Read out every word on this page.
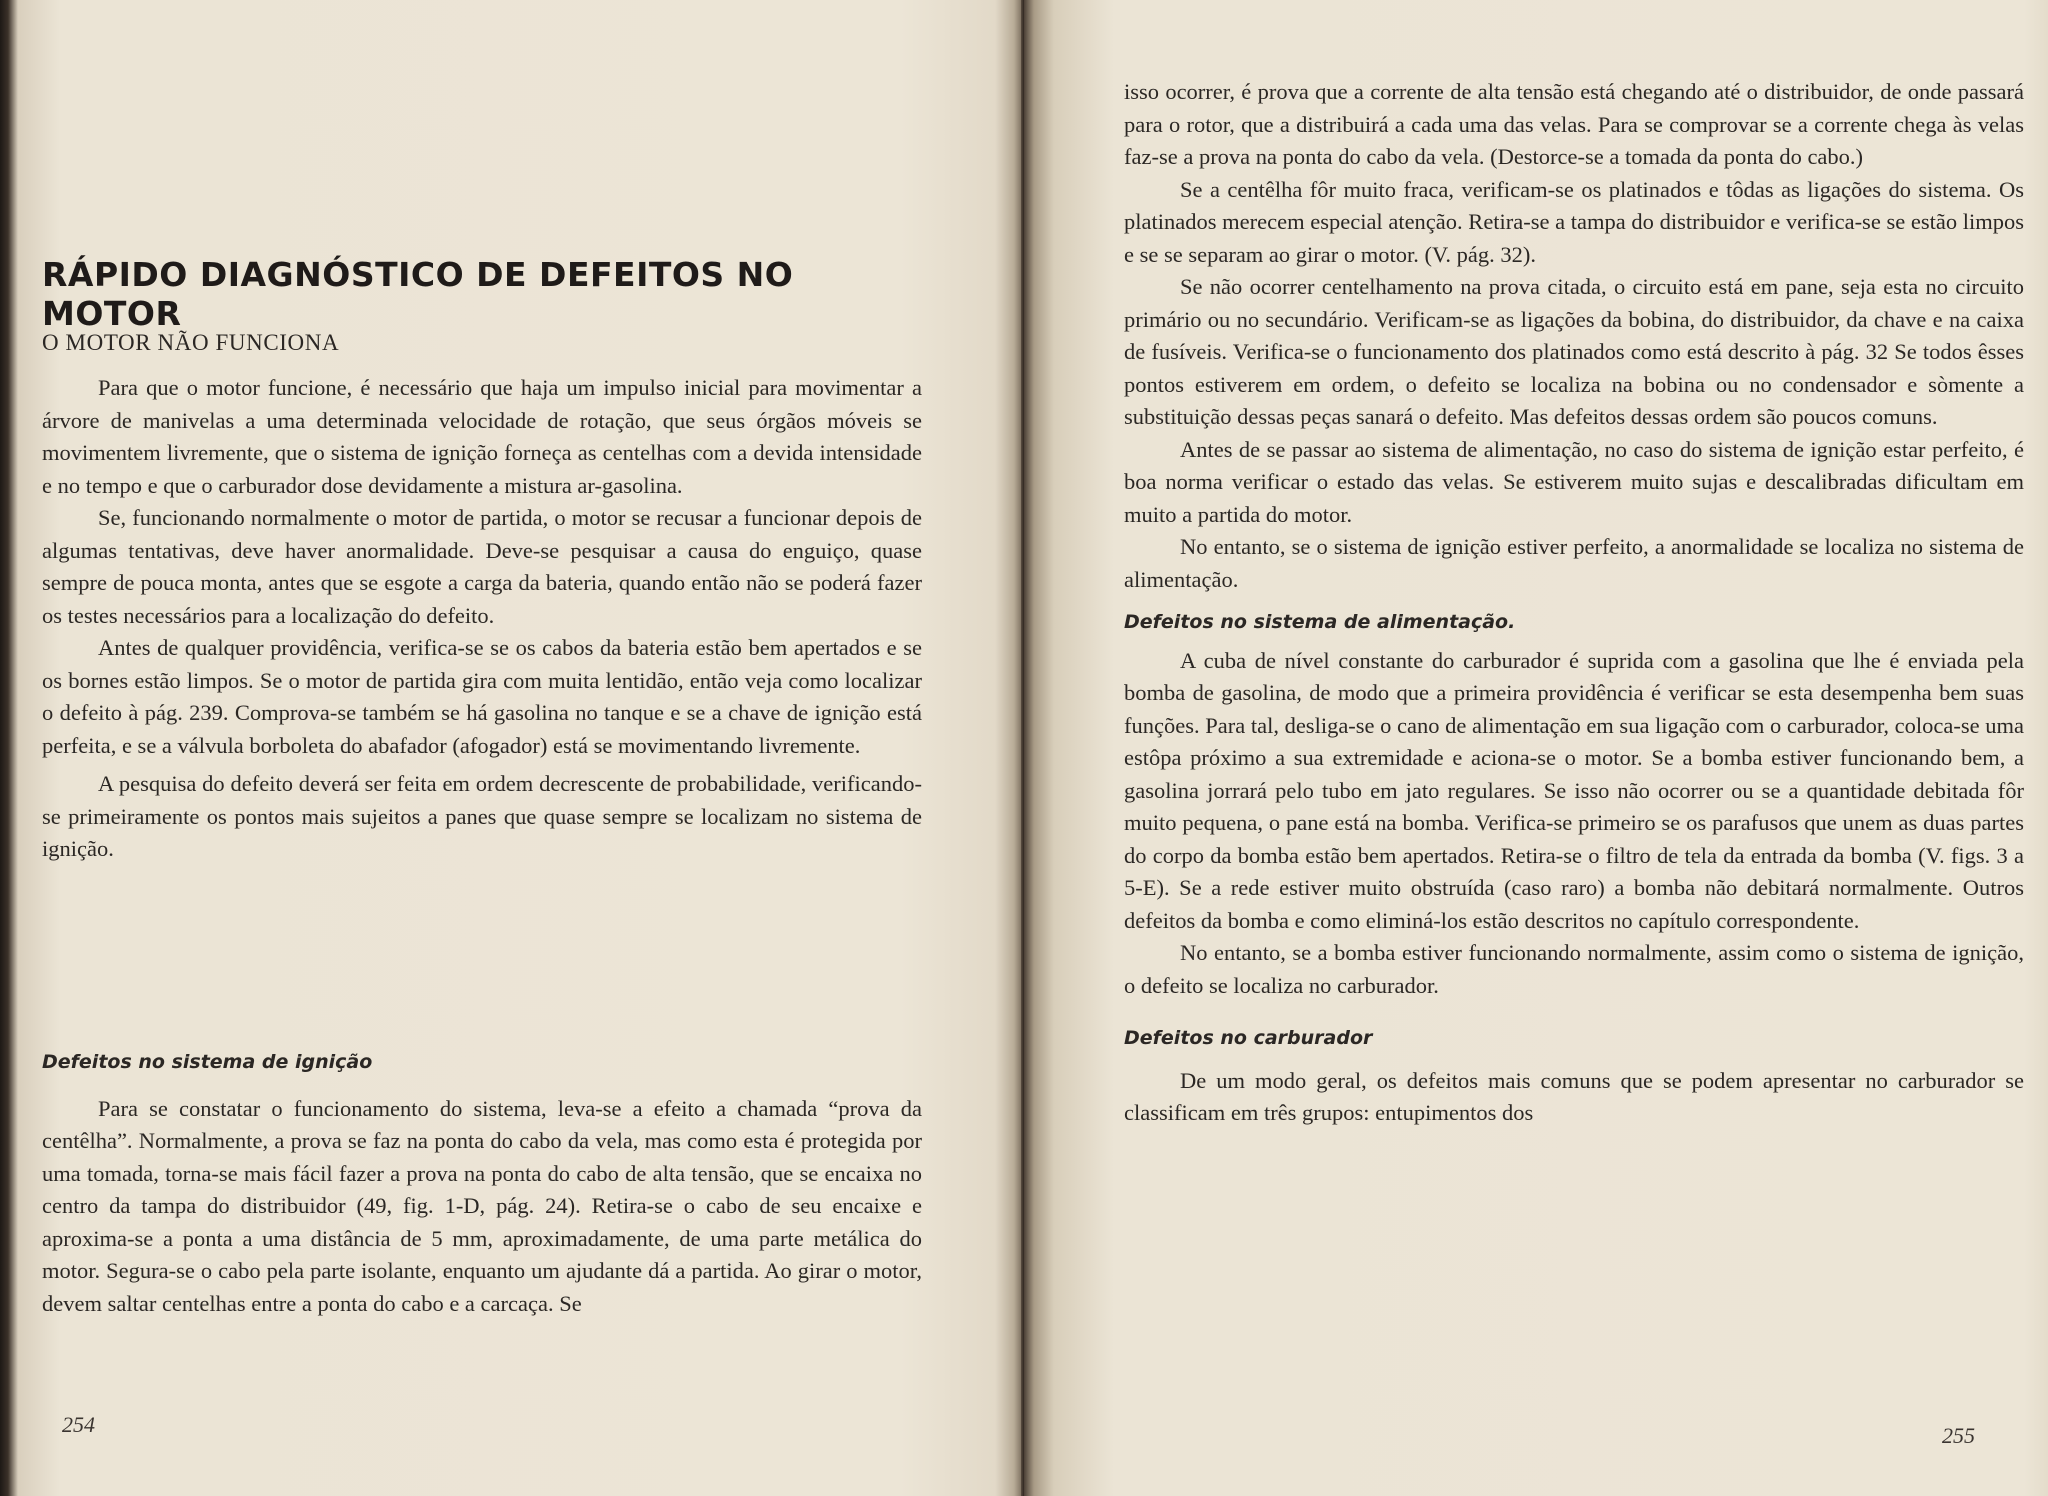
RÁPIDO DIAGNÓSTICO DE DEFEITOS NO MOTOR
O MOTOR NÃO FUNCIONA

Para que o motor funcione, é necessário que haja um impulso inicial para movimentar a árvore de manivelas a uma determinada velocidade de rotação, que seus órgãos móveis se movimentem livremente, que o sistema de ignição forneça as centelhas com a devida intensidade e no tempo e que o carburador dose devidamente a mistura ar-gasolina.

Se, funcionando normalmente o motor de partida, o motor se recusar a funcionar depois de algumas tentativas, deve haver anormalidade. Deve-se pesquisar a causa do enguiço, quase sempre de pouca monta, antes que se esgote a carga da bateria, quando então não se poderá fazer os testes necessários para a localização do defeito.

Antes de qualquer providência, verifica-se se os cabos da bateria estão bem apertados e se os bornes estão limpos. Se o motor de partida gira com muita lentidão, então veja como localizar o defeito à pág. 239. Comprova-se também se há gasolina no tanque e se a chave de ignição está perfeita, e se a válvula borboleta do abafador (afogador) está se movimentando livremente.

A pesquisa do defeito deverá ser feita em ordem decrescente de probabilidade, verificando-se primeiramente os pontos mais sujeitos a panes que quase sempre se localizam no sistema de ignição.

Defeitos no sistema de ignição

Para se constatar o funcionamento do sistema, leva-se a efeito a chamada “prova da centêlha”. Normalmente, a prova se faz na ponta do cabo da vela, mas como esta é protegida por uma tomada, torna-se mais fácil fazer a prova na ponta do cabo de alta tensão, que se encaixa no centro da tampa do distribuidor (49, fig. 1-D, pág. 24). Retira-se o cabo de seu encaixe e aproxima-se a ponta a uma distância de 5 mm, aproximadamente, de uma parte metálica do motor. Segura-se o cabo pela parte isolante, enquanto um ajudante dá a partida. Ao girar o motor, devem saltar centelhas entre a ponta do cabo e a carcaça. Se

254

isso ocorrer, é prova que a corrente de alta tensão está chegando até o distribuidor, de onde passará para o rotor, que a distribuirá a cada uma das velas. Para se comprovar se a corrente chega às velas faz-se a prova na ponta do cabo da vela. (Destorce-se a tomada da ponta do cabo.)

Se a centêlha fôr muito fraca, verificam-se os platinados e tôdas as ligações do sistema. Os platinados merecem especial atenção. Retira-se a tampa do distribuidor e verifica-se se estão limpos e se se separam ao girar o motor. (V. pág. 32).

Se não ocorrer centelhamento na prova citada, o circuito está em pane, seja esta no circuito primário ou no secundário. Verificam-se as ligações da bobina, do distribuidor, da chave e na caixa de fusíveis. Verifica-se o funcionamento dos platinados como está descrito à pág. 32 Se todos êsses pontos estiverem em ordem, o defeito se localiza na bobina ou no condensador e sòmente a substituição dessas peças sanará o defeito. Mas defeitos dessas ordem são poucos comuns.

Antes de se passar ao sistema de alimentação, no caso do sistema de ignição estar perfeito, é boa norma verificar o estado das velas. Se estiverem muito sujas e descalibradas dificultam em muito a partida do motor.

No entanto, se o sistema de ignição estiver perfeito, a anormalidade se localiza no sistema de alimentação.

Defeitos no sistema de alimentação.

A cuba de nível constante do carburador é suprida com a gasolina que lhe é enviada pela bomba de gasolina, de modo que a primeira providência é verificar se esta desempenha bem suas funções. Para tal, desliga-se o cano de alimentação em sua ligação com o carburador, coloca-se uma estôpa próximo a sua extremidade e aciona-se o motor. Se a bomba estiver funcionando bem, a gasolina jorrará pelo tubo em jato regulares. Se isso não ocorrer ou se a quantidade debitada fôr muito pequena, o pane está na bomba. Verifica-se primeiro se os parafusos que unem as duas partes do corpo da bomba estão bem apertados. Retira-se o filtro de tela da entrada da bomba (V. figs. 3 a 5-E). Se a rede estiver muito obstruída (caso raro) a bomba não debitará normalmente. Outros defeitos da bomba e como eliminá-los estão descritos no capítulo correspondente.

No entanto, se a bomba estiver funcionando normalmente, assim como o sistema de ignição, o defeito se localiza no carburador.

Defeitos no carburador

De um modo geral, os defeitos mais comuns que se podem apresentar no carburador se classificam em três grupos: entupimentos dos

255
